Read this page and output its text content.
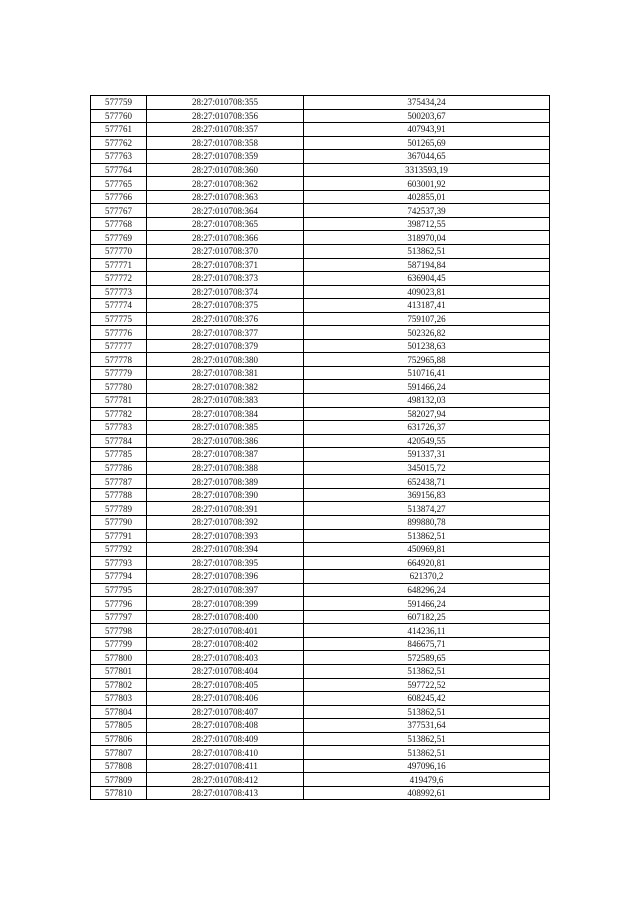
577759	28:27:010708:355	375434,24
577760	28:27:010708:356	500203,67
577761	28:27:010708:357	407943,91
577762	28:27:010708:358	501265,69
577763	28:27:010708:359	367044,65
577764	28:27:010708:360	3313593,19
577765	28:27:010708:362	603001,92
577766	28:27:010708:363	402855,01
577767	28:27:010708:364	742537,39
577768	28:27:010708:365	398712,55
577769	28:27:010708:366	318970,04
577770	28:27:010708:370	513862,51
577771	28:27:010708:371	587194,84
577772	28:27:010708:373	636904,45
577773	28:27:010708:374	409023,81
577774	28:27:010708:375	413187,41
577775	28:27:010708:376	759107,26
577776	28:27:010708:377	502326,82
577777	28:27:010708:379	501238,63
577778	28:27:010708:380	752965,88
577779	28:27:010708:381	510716,41
577780	28:27:010708:382	591466,24
577781	28:27:010708:383	498132,03
577782	28:27:010708:384	582027,94
577783	28:27:010708:385	631726,37
577784	28:27:010708:386	420549,55
577785	28:27:010708:387	591337,31
577786	28:27:010708:388	345015,72
577787	28:27:010708:389	652438,71
577788	28:27:010708:390	369156,83
577789	28:27:010708:391	513874,27
577790	28:27:010708:392	899880,78
577791	28:27:010708:393	513862,51
577792	28:27:010708:394	450969,81
577793	28:27:010708:395	664920,81
577794	28:27:010708:396	621370,2
577795	28:27:010708:397	648296,24
577796	28:27:010708:399	591466,24
577797	28:27:010708:400	607182,25
577798	28:27:010708:401	414236,11
577799	28:27:010708:402	846675,71
577800	28:27:010708:403	572589,65
577801	28:27:010708:404	513862,51
577802	28:27:010708:405	597722,52
577803	28:27:010708:406	608245,42
577804	28:27:010708:407	513862,51
577805	28:27:010708:408	377531,64
577806	28:27:010708:409	513862,51
577807	28:27:010708:410	513862,51
577808	28:27:010708:411	497096,16
577809	28:27:010708:412	419479,6
577810	28:27:010708:413	408992,61
